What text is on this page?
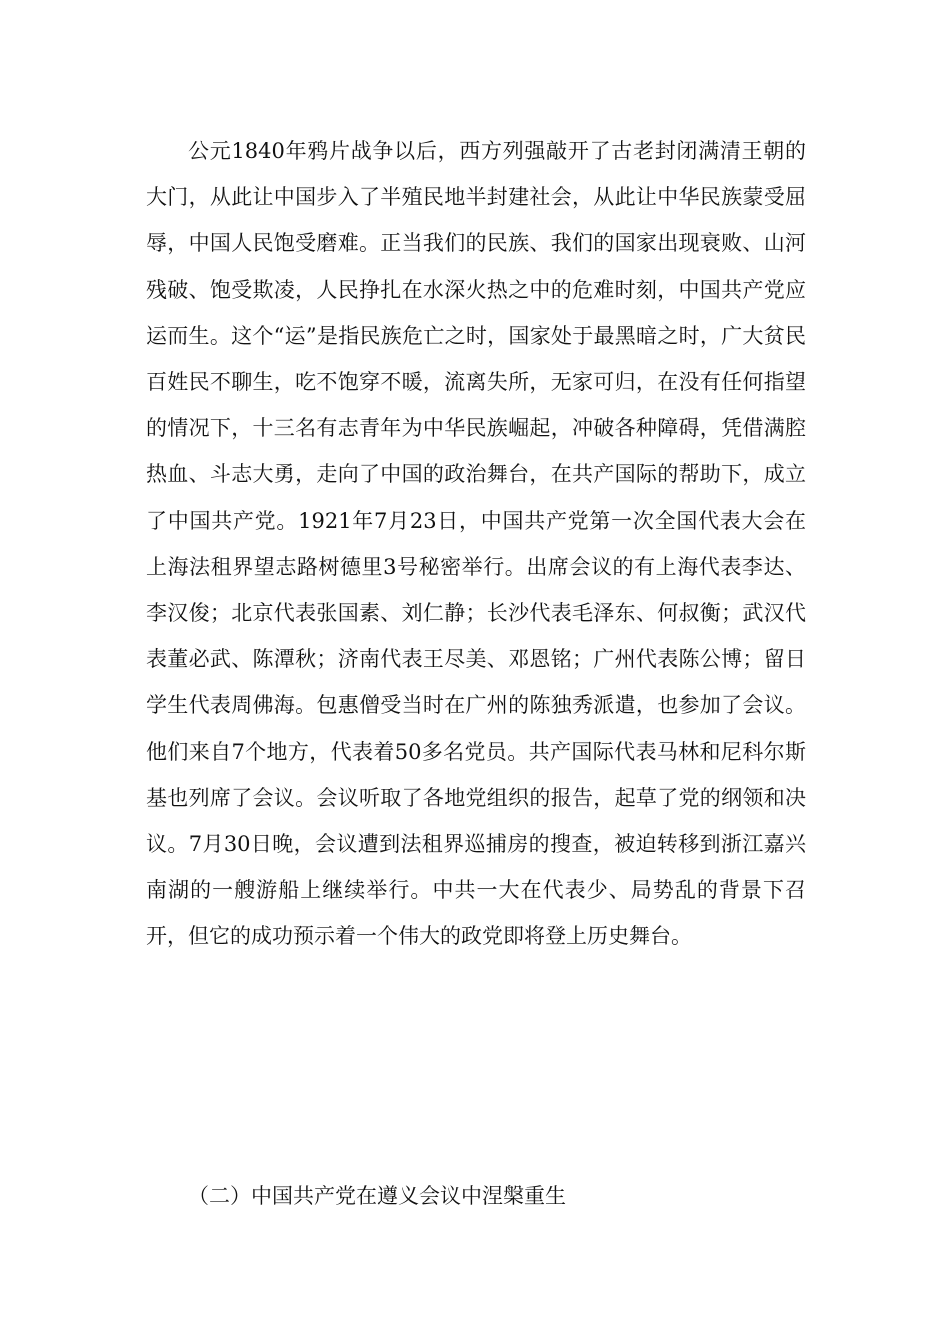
公元1840年鸦片战争以后，西方列强敲开了古老封闭满清王朝的大门，从此让中国步入了半殖民地半封建社会，从此让中华民族蒙受屈辱，中国人民饱受磨难。正当我们的民族、我们的国家出现衰败、山河残破、饱受欺凌，人民挣扎在水深火热之中的危难时刻，中国共产党应运而生。这个“运”是指民族危亡之时，国家处于最黑暗之时，广大贫民百姓民不聊生，吃不饱穿不暖，流离失所，无家可归，在没有任何指望的情况下，十三名有志青年为中华民族崛起，冲破各种障碍，凭借满腔热血、斗志大勇，走向了中国的政治舞台，在共产国际的帮助下，成立了中国共产党。1921年7月23日，中国共产党第一次全国代表大会在上海法租界望志路树德里3号秘密举行。出席会议的有上海代表李达、李汉俊；北京代表张国素、刘仁静；长沙代表毛泽东、何叔衡；武汉代表董必武、陈潭秋；济南代表王尽美、邓恩铭；广州代表陈公博；留日学生代表周佛海。包惠僧受当时在广州的陈独秀派遣，也参加了会议。他们来自7个地方，代表着50多名党员。共产国际代表马林和尼科尔斯基也列席了会议。会议听取了各地党组织的报告，起草了党的纲领和决议。7月30日晚，会议遭到法租界巡捕房的搜查，被迫转移到浙江嘉兴南湖的一艘游船上继续举行。中共一大在代表少、局势乱的背景下召开，但它的成功预示着一个伟大的政党即将登上历史舞台。

（二）中国共产党在遵义会议中涅槃重生
